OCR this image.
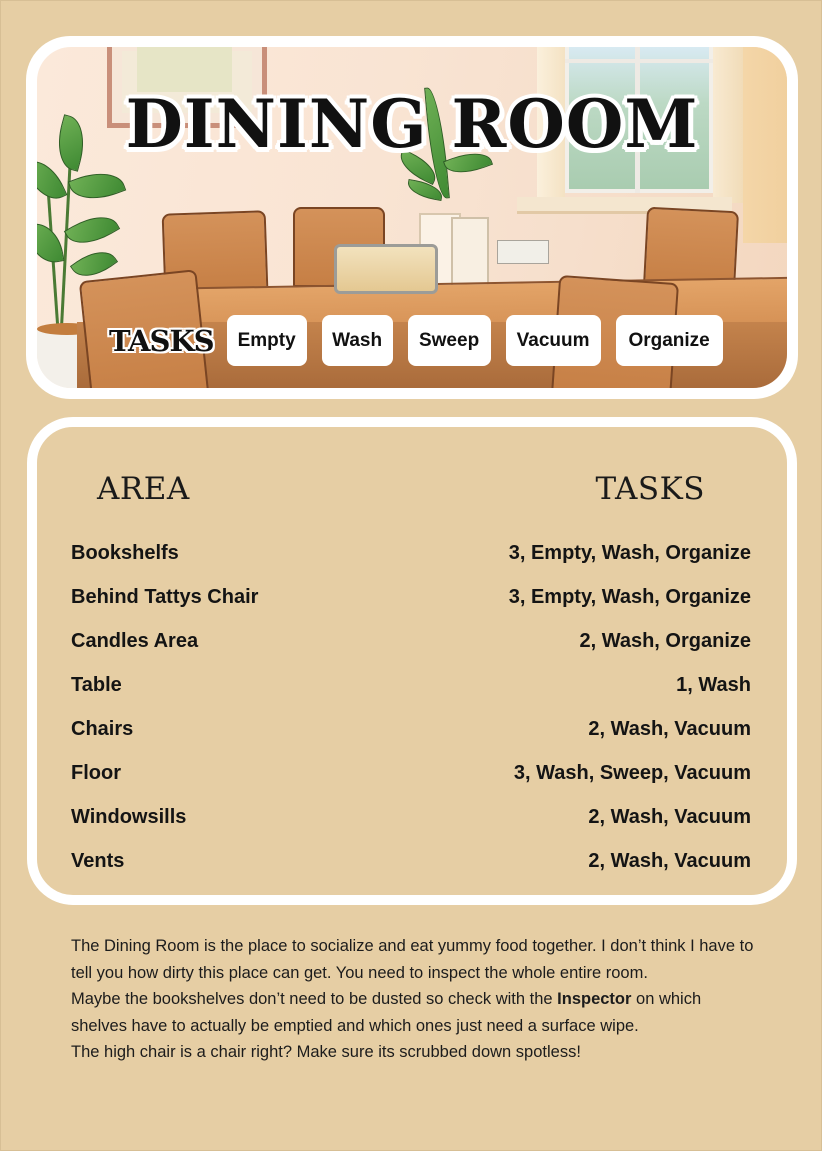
DINING ROOM
TASKS	Empty	Wash	Sweep	Vacuum	Organize
AREA	TASKS
Bookshelfs	3, Empty, Wash, Organize
Behind Tattys Chair	3, Empty, Wash, Organize
Candles Area	2, Wash, Organize
Table	1, Wash
Chairs	2, Wash, Vacuum
Floor	3, Wash, Sweep, Vacuum
Windowsills	2, Wash, Vacuum
Vents	2, Wash, Vacuum

The Dining Room is the place to socialize and eat yummy food together. I don’t think I have to tell you how dirty this place can get. You need to inspect the whole entire room.

Maybe the bookshelves don’t need to be dusted so check with the Inspector on which shelves have to actually be emptied and which ones just need a surface wipe.

The high chair is a chair right? Make sure its scrubbed down spotless!
